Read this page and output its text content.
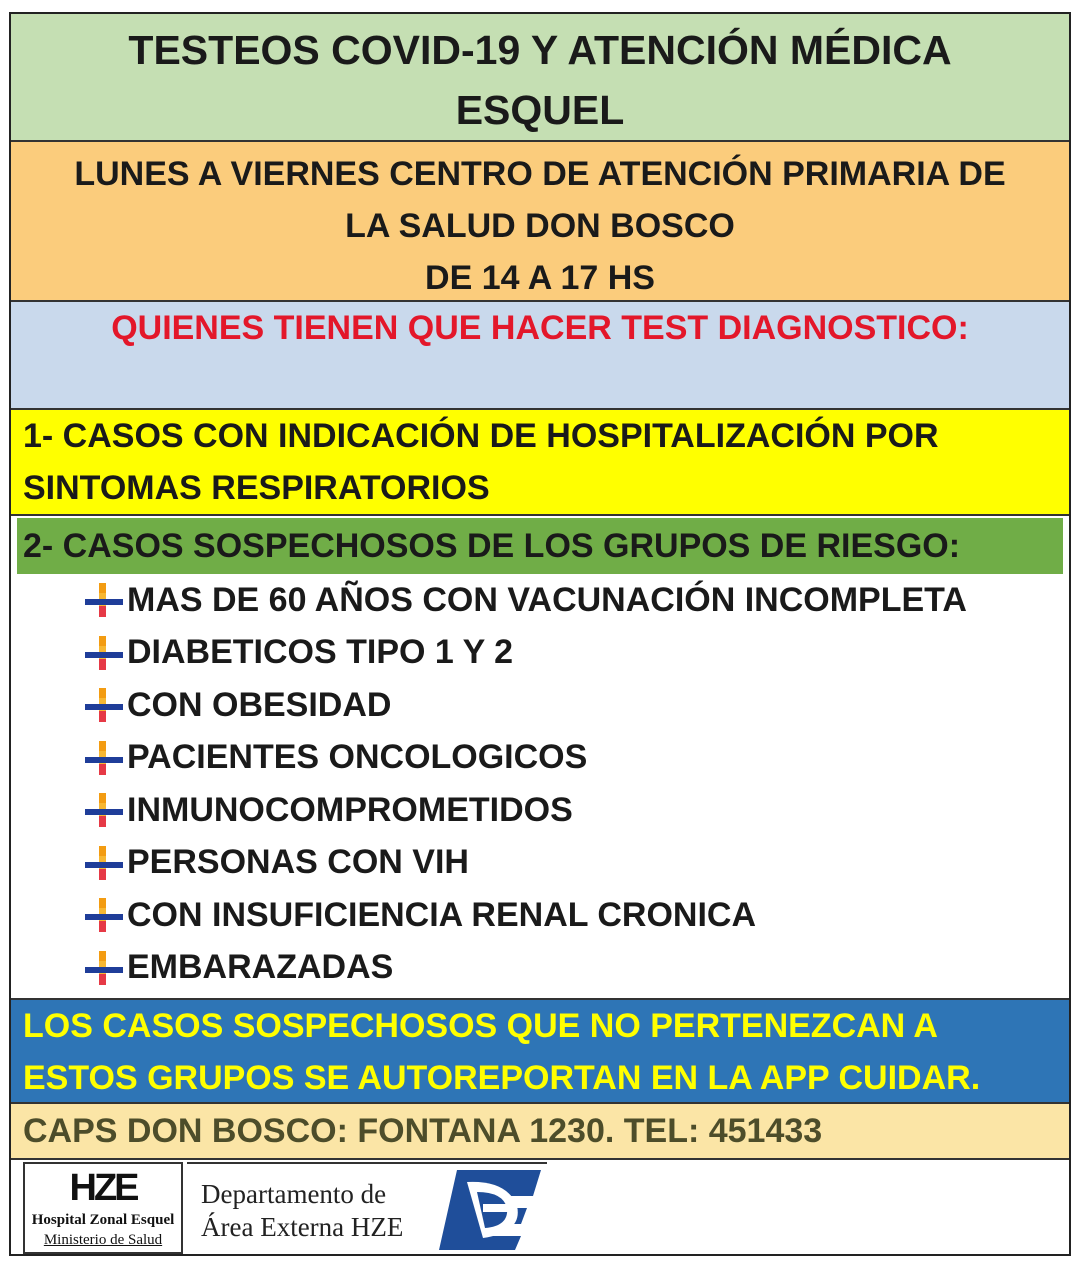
TESTEOS COVID-19 Y ATENCIÓN MÉDICA
ESQUEL
LUNES A VIERNES CENTRO DE ATENCIÓN PRIMARIA DE
LA SALUD DON BOSCO
DE 14 A 17 HS
QUIENES TIENEN QUE HACER TEST DIAGNOSTICO:
1- CASOS CON INDICACIÓN DE HOSPITALIZACIÓN POR
SINTOMAS RESPIRATORIOS
2- CASOS SOSPECHOSOS DE LOS GRUPOS DE RIESGO:
MAS DE 60 AÑOS CON VACUNACIÓN INCOMPLETA
DIABETICOS TIPO 1 Y 2
CON OBESIDAD
PACIENTES ONCOLOGICOS
INMUNOCOMPROMETIDOS
PERSONAS CON VIH
CON INSUFICIENCIA RENAL CRONICA
EMBARAZADAS
LOS CASOS SOSPECHOSOS QUE NO PERTENEZCAN A
ESTOS GRUPOS SE AUTOREPORTAN EN LA APP CUIDAR.
CAPS DON BOSCO: FONTANA 1230. TEL: 451433
HZE
Hospital Zonal Esquel
Ministerio de Salud
Departamento de
Área Externa HZE
